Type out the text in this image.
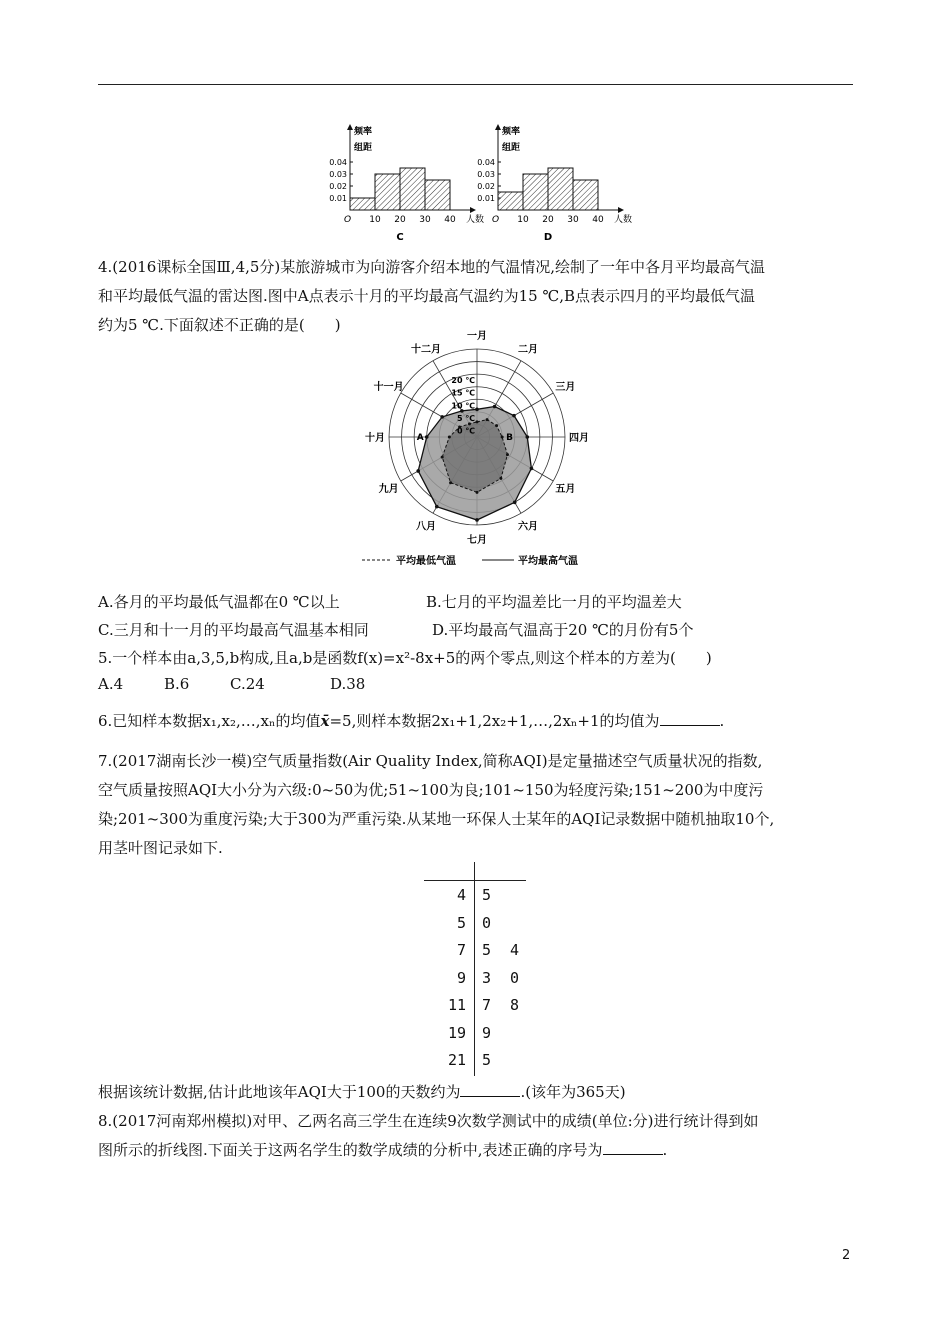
频率
组距
0.04
0.03
0.02
0.01
O 10 20 30 40 人数
C
频率
组距
0.04
0.03
0.02
0.01
O 10 20 30 40 人数
D
4.(2016课标全国Ⅲ,4,5分)某旅游城市为向游客介绍本地的气温情况,绘制了一年中各月平均最高气温
和平均最低气温的雷达图.图中A点表示十月的平均最高气温约为15 ℃,B点表示四月的平均最低气温
约为5 ℃.下面叙述不正确的是(　　)
一月
二月
三月
四月
五月
六月
七月
八月
九月
十月
十一月
十二月
20 ℃
15 ℃
10 ℃
5 ℃
0 ℃
A	B
平均最低气温	平均最高气温
A.各月的平均最低气温都在0 ℃以上	B.七月的平均温差比一月的平均温差大
C.三月和十一月的平均最高气温基本相同	D.平均最高气温高于20 ℃的月份有5个
5.一个样本由a,3,5,b构成,且a,b是函数f(x)=x²-8x+5的两个零点,则这个样本的方差为(　　)
A.4	B.6	C.24	D.38
6.已知样本数据x₁,x₂,…,xₙ的均值x̄=5,则样本数据2x₁+1,2x₂+1,…,2xₙ+1的均值为	.
7.(2017湖南长沙一模)空气质量指数(Air Quality Index,简称AQI)是定量描述空气质量状况的指数,
空气质量按照AQI大小分为六级:0~50为优;51~100为良;101~150为轻度污染;151~200为中度污
染;201~300为重度污染;大于300为严重污染.从某地一环保人士某年的AQI记录数据中随机抽取10个,
用茎叶图记录如下.
4 5
5 0
7 5 4
9 3 0
11 7 8
19 9
21 5
根据该统计数据,估计此地该年AQI大于100的天数约为	.(该年为365天)
8.(2017河南郑州模拟)对甲、乙两名高三学生在连续9次数学测试中的成绩(单位:分)进行统计得到如
图所示的折线图.下面关于这两名学生的数学成绩的分析中,表述正确的序号为	.
2
